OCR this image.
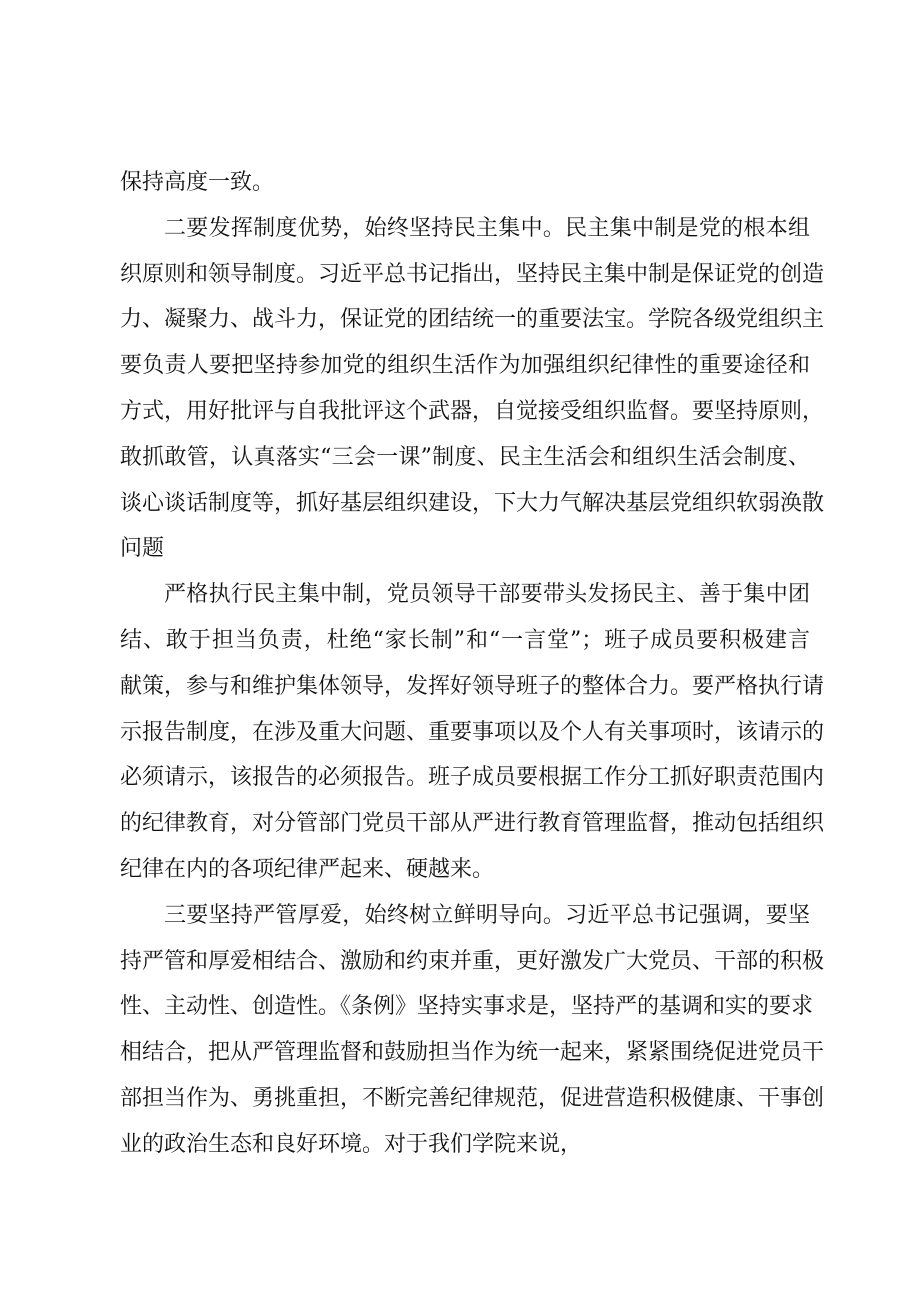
保持高度一致。
二要发挥制度优势，始终坚持民主集中。民主集中制是党的根本组
织原则和领导制度。习近平总书记指出，坚持民主集中制是保证党的创造
力、凝聚力、战斗力，保证党的团结统一的重要法宝。学院各级党组织主
要负责人要把坚持参加党的组织生活作为加强组织纪律性的重要途径和
方式，用好批评与自我批评这个武器，自觉接受组织监督。要坚持原则，
敢抓敢管，认真落实“三会一课”制度、民主生活会和组织生活会制度、
谈心谈话制度等，抓好基层组织建设，下大力气解决基层党组织软弱涣散
问题
严格执行民主集中制，党员领导干部要带头发扬民主、善于集中团
结、敢于担当负责，杜绝“家长制”和“一言堂”；班子成员要积极建言
献策，参与和维护集体领导，发挥好领导班子的整体合力。要严格执行请
示报告制度，在涉及重大问题、重要事项以及个人有关事项时，该请示的
必须请示，该报告的必须报告。班子成员要根据工作分工抓好职责范围内
的纪律教育，对分管部门党员干部从严进行教育管理监督，推动包括组织
纪律在内的各项纪律严起来、硬越来。
三要坚持严管厚爱，始终树立鲜明导向。习近平总书记强调，要坚
持严管和厚爱相结合、激励和约束并重，更好激发广大党员、干部的积极
性、主动性、创造性。《条例》坚持实事求是，坚持严的基调和实的要求
相结合，把从严管理监督和鼓励担当作为统一起来，紧紧围绕促进党员干
部担当作为、勇挑重担，不断完善纪律规范，促进营造积极健康、干事创
业的政治生态和良好环境。对于我们学院来说，
